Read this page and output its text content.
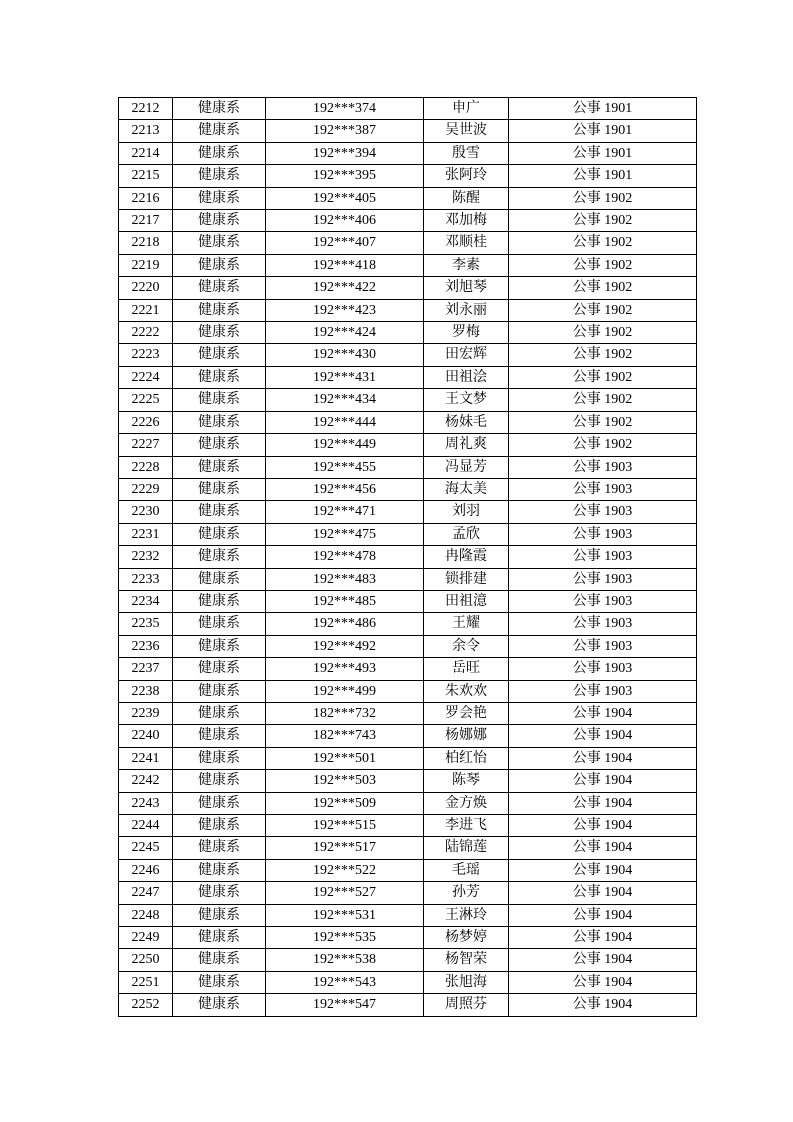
2212	健康系	192***374	申广	公事 1901
2213	健康系	192***387	吴世波	公事 1901
2214	健康系	192***394	殷雪	公事 1901
2215	健康系	192***395	张阿玲	公事 1901
2216	健康系	192***405	陈醒	公事 1902
2217	健康系	192***406	邓加梅	公事 1902
2218	健康系	192***407	邓顺桂	公事 1902
2219	健康系	192***418	李素	公事 1902
2220	健康系	192***422	刘旭琴	公事 1902
2221	健康系	192***423	刘永丽	公事 1902
2222	健康系	192***424	罗梅	公事 1902
2223	健康系	192***430	田宏辉	公事 1902
2224	健康系	192***431	田祖浍	公事 1902
2225	健康系	192***434	王文梦	公事 1902
2226	健康系	192***444	杨妹毛	公事 1902
2227	健康系	192***449	周礼爽	公事 1902
2228	健康系	192***455	冯显芳	公事 1903
2229	健康系	192***456	海太美	公事 1903
2230	健康系	192***471	刘羽	公事 1903
2231	健康系	192***475	孟欣	公事 1903
2232	健康系	192***478	冉隆霞	公事 1903
2233	健康系	192***483	锁排建	公事 1903
2234	健康系	192***485	田祖澺	公事 1903
2235	健康系	192***486	王耀	公事 1903
2236	健康系	192***492	余令	公事 1903
2237	健康系	192***493	岳旺	公事 1903
2238	健康系	192***499	朱欢欢	公事 1903
2239	健康系	182***732	罗会艳	公事 1904
2240	健康系	182***743	杨娜娜	公事 1904
2241	健康系	192***501	柏红怡	公事 1904
2242	健康系	192***503	陈琴	公事 1904
2243	健康系	192***509	金方焕	公事 1904
2244	健康系	192***515	李进飞	公事 1904
2245	健康系	192***517	陆锦莲	公事 1904
2246	健康系	192***522	毛瑶	公事 1904
2247	健康系	192***527	孙芳	公事 1904
2248	健康系	192***531	王淋玲	公事 1904
2249	健康系	192***535	杨梦婷	公事 1904
2250	健康系	192***538	杨智荣	公事 1904
2251	健康系	192***543	张旭海	公事 1904
2252	健康系	192***547	周照芬	公事 1904
